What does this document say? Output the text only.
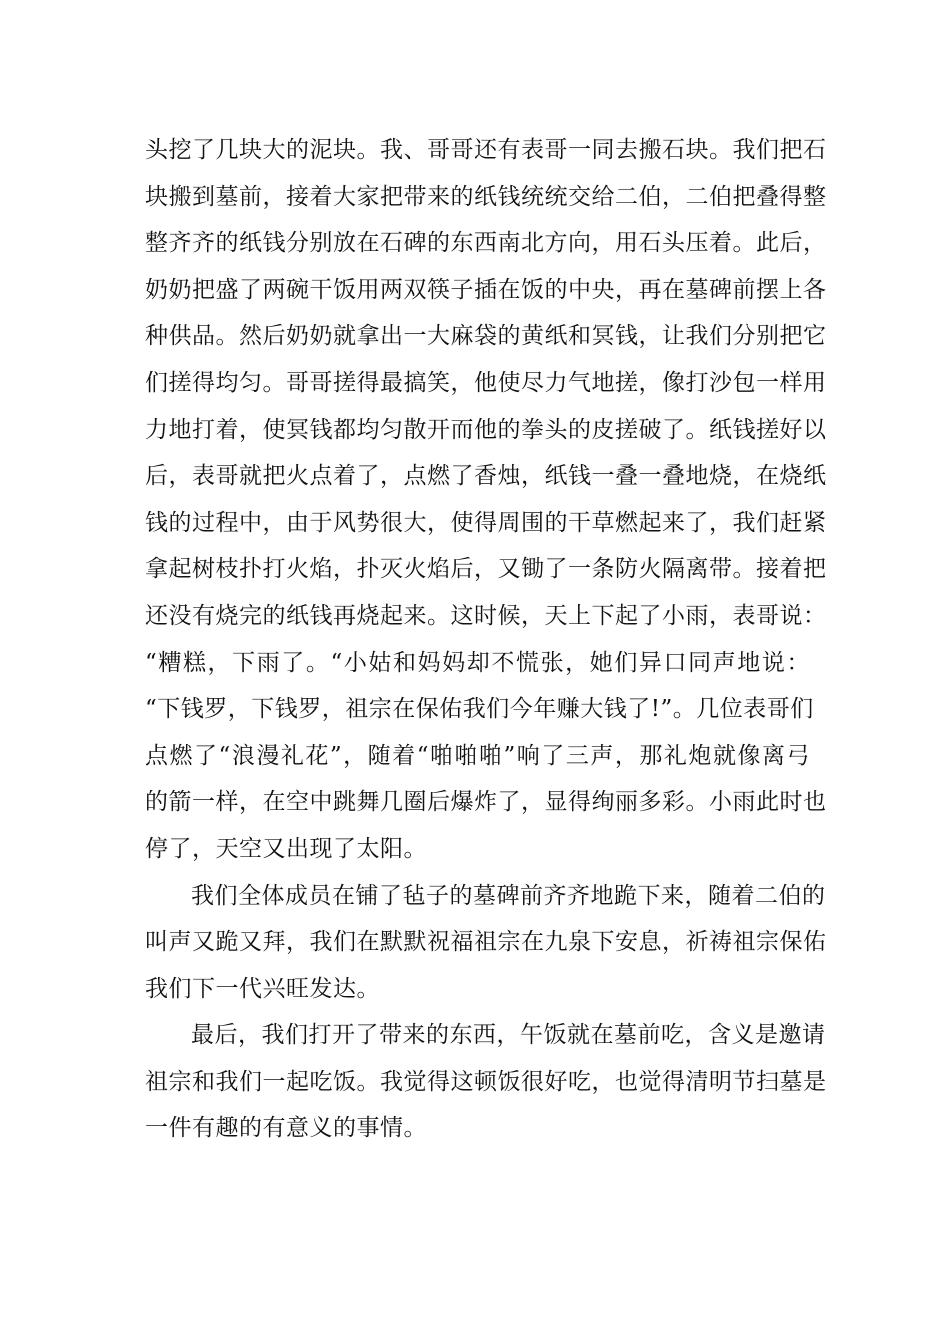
头挖了几块大的泥块。我、哥哥还有表哥一同去搬石块。我们把石
块搬到墓前，接着大家把带来的纸钱统统交给二伯，二伯把叠得整
整齐齐的纸钱分别放在石碑的东西南北方向，用石头压着。此后，
奶奶把盛了两碗干饭用两双筷子插在饭的中央，再在墓碑前摆上各
种供品。然后奶奶就拿出一大麻袋的黄纸和冥钱，让我们分别把它
们搓得均匀。哥哥搓得最搞笑，他使尽力气地搓，像打沙包一样用
力地打着，使冥钱都均匀散开而他的拳头的皮搓破了。纸钱搓好以
后，表哥就把火点着了，点燃了香烛，纸钱一叠一叠地烧，在烧纸
钱的过程中，由于风势很大，使得周围的干草燃起来了，我们赶紧
拿起树枝扑打火焰，扑灭火焰后，又锄了一条防火隔离带。接着把
还没有烧完的纸钱再烧起来。这时候，天上下起了小雨，表哥说：
“糟糕，下雨了。“小姑和妈妈却不慌张，她们异口同声地说：
“下钱罗，下钱罗，祖宗在保佑我们今年赚大钱了!”。几位表哥们
点燃了“浪漫礼花”，随着“啪啪啪”响了三声，那礼炮就像离弓
的箭一样，在空中跳舞几圈后爆炸了，显得绚丽多彩。小雨此时也
停了，天空又出现了太阳。
我们全体成员在铺了毡子的墓碑前齐齐地跪下来，随着二伯的
叫声又跪又拜，我们在默默祝福祖宗在九泉下安息，祈祷祖宗保佑
我们下一代兴旺发达。
最后，我们打开了带来的东西，午饭就在墓前吃，含义是邀请
祖宗和我们一起吃饭。我觉得这顿饭很好吃，也觉得清明节扫墓是
一件有趣的有意义的事情。
